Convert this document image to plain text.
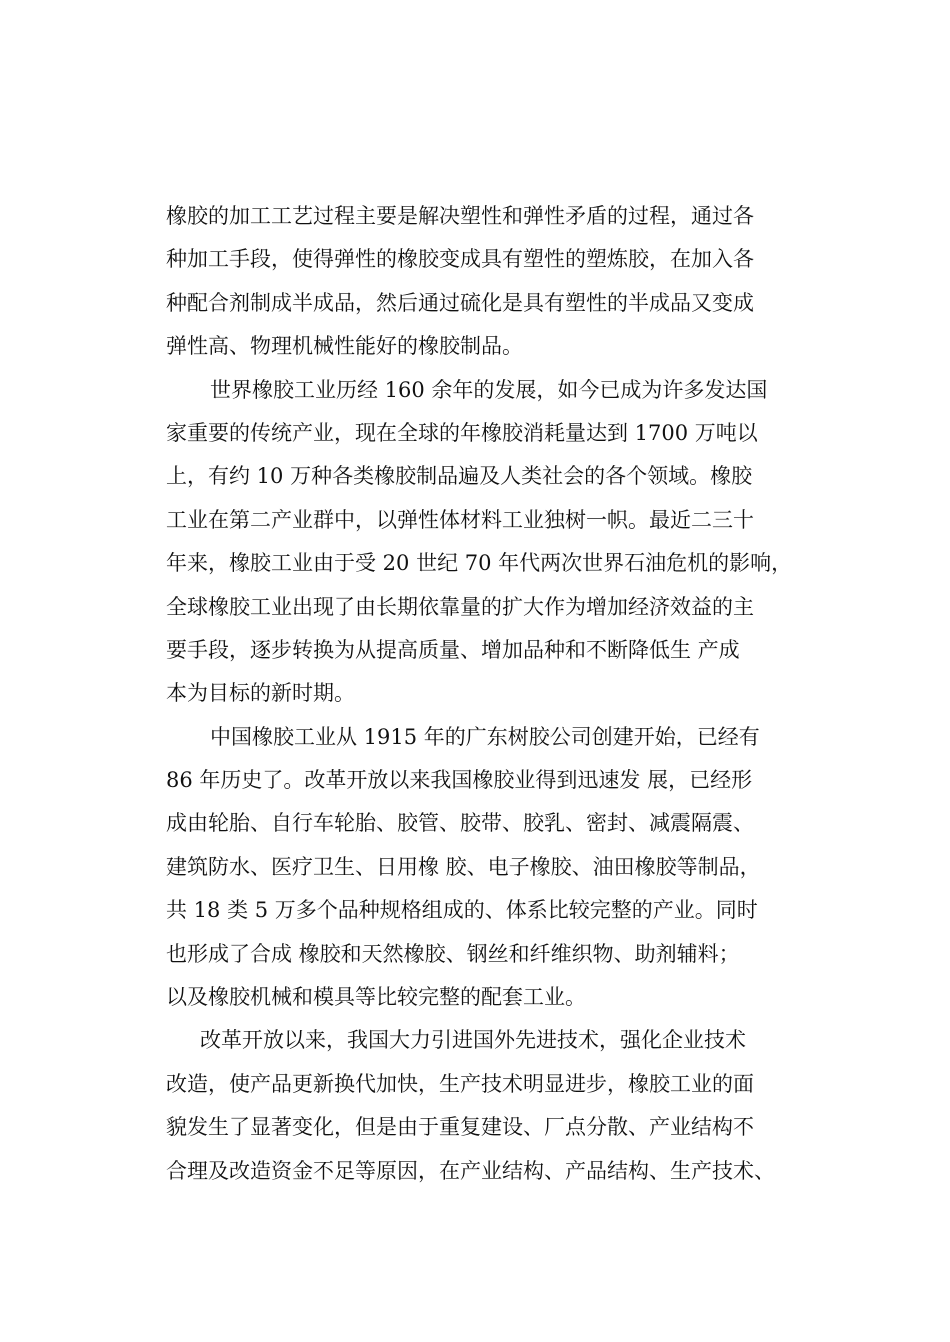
橡胶的加工工艺过程主要是解决塑性和弹性矛盾的过程，通过各
种加工手段，使得弹性的橡胶变成具有塑性的塑炼胶，在加入各
种配合剂制成半成品，然后通过硫化是具有塑性的半成品又变成
弹性高、物理机械性能好的橡胶制品。

世界橡胶工业历经 160 余年的发展，如今已成为许多发达国
家重要的传统产业，现在全球的年橡胶消耗量达到 1700 万吨以
上，有约 10 万种各类橡胶制品遍及人类社会的各个领域。橡胶
工业在第二产业群中，以弹性体材料工业独树一帜。最近二三十
年来，橡胶工业由于受 20 世纪 70 年代两次世界石油危机的影响，
全球橡胶工业出现了由长期依靠量的扩大作为增加经济效益的主
要手段，逐步转换为从提高质量、增加品种和不断降低生 产成
本为目标的新时期。

中国橡胶工业从 1915 年的广东树胶公司创建开始，已经有
86 年历史了。改革开放以来我国橡胶业得到迅速发 展，已经形
成由轮胎、自行车轮胎、胶管、胶带、胶乳、密封、减震隔震、
建筑防水、医疗卫生、日用橡 胶、电子橡胶、油田橡胶等制品，
共 18 类 5 万多个品种规格组成的、体系比较完整的产业。同时
也形成了合成 橡胶和天然橡胶、钢丝和纤维织物、助剂辅料；
以及橡胶机械和模具等比较完整的配套工业。

改革开放以来，我国大力引进国外先进技术，强化企业技术
改造，使产品更新换代加快，生产技术明显进步，橡胶工业的面
貌发生了显著变化，但是由于重复建设、厂点分散、产业结构不
合理及改造资金不足等原因，在产业结构、产品结构、生产技术、
